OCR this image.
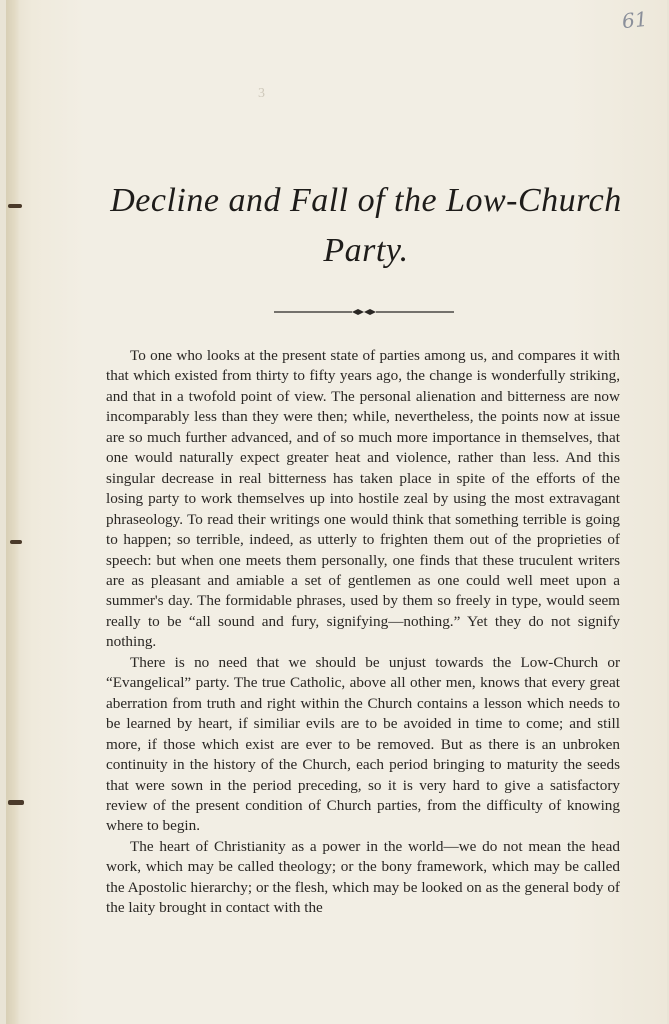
61
3
Decline and Fall of the Low-Church
Party.

To one who looks at the present state of parties among us, and compares it with that which existed from thirty to fifty years ago, the change is wonderfully striking, and that in a twofold point of view. The personal alienation and bitterness are now incomparably less than they were then; while, nevertheless, the points now at issue are so much further advanced, and of so much more importance in themselves, that one would naturally expect greater heat and violence, rather than less. And this singular decrease in real bitterness has taken place in spite of the efforts of the losing party to work themselves up into hostile zeal by using the most extravagant phraseology. To read their writings one would think that something terrible is going to happen; so terrible, indeed, as utterly to frighten them out of the proprieties of speech: but when one meets them personally, one finds that these truculent writers are as pleasant and amiable a set of gentlemen as one could well meet upon a summer's day. The formidable phrases, used by them so freely in type, would seem really to be “all sound and fury, signifying—nothing.” Yet they do not signify nothing.

There is no need that we should be unjust towards the Low-Church or “Evangelical” party. The true Catholic, above all other men, knows that every great aberration from truth and right within the Church contains a lesson which needs to be learned by heart, if similiar evils are to be avoided in time to come; and still more, if those which exist are ever to be removed. But as there is an unbroken continuity in the history of the Church, each period bringing to maturity the seeds that were sown in the period preceding, so it is very hard to give a satisfactory review of the present condition of Church parties, from the difficulty of knowing where to begin.

The heart of Christianity as a power in the world—we do not mean the head work, which may be called theology; or the bony framework, which may be called the Apostolic hierarchy; or the flesh, which may be looked on as the general body of the laity brought in contact with the
